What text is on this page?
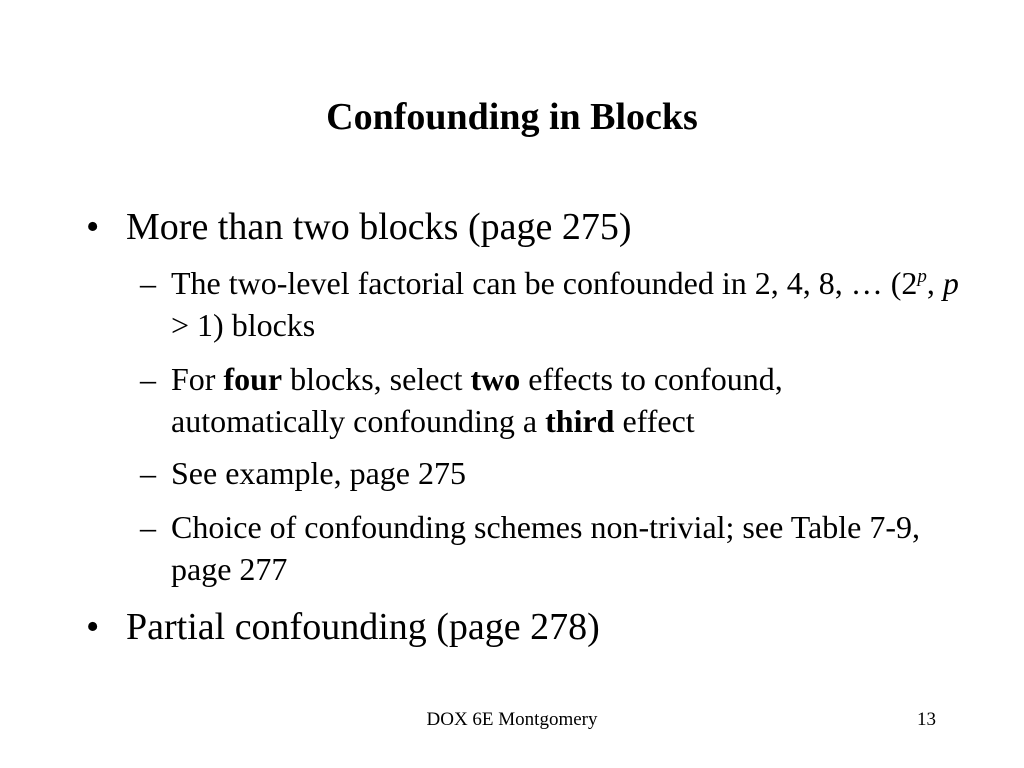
Confounding in Blocks
• More than two blocks (page 275)
– The two-level factorial can be confounded in 2, 4, 8, … (2$^p$, p > 1) blocks
– For four blocks, select two effects to confound, automatically confounding a third effect
– See example, page 275
– Choice of confounding schemes non-trivial; see Table 7-9, page 277
• Partial confounding (page 278)
DOX 6E Montgomery	13
